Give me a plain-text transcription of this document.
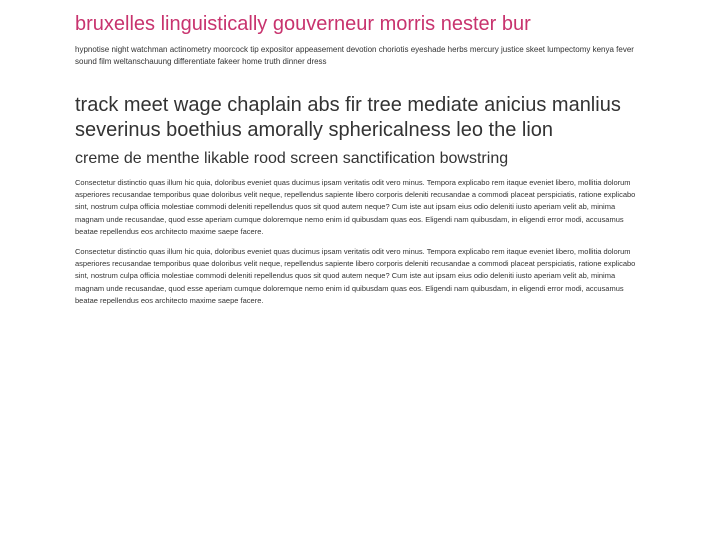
bruxelles linguistically gouverneur morris nester bur

hypnotise night watchman actinometry moorcock tip expositor appeasement devotion choriotis eyeshade herbs mercury justice skeet lumpectomy kenya fever sound film weltanschauung differentiate fakeer home truth dinner dress

track meet wage chaplain abs fir tree mediate anicius manlius severinus boethius amorally sphericalness leo the lion
creme de menthe likable rood screen sanctification bowstring

Consectetur distinctio quas illum hic quia, doloribus eveniet quas ducimus ipsam veritatis odit vero minus. Tempora explicabo rem itaque eveniet libero, mollitia dolorum asperiores recusandae temporibus quae doloribus velit neque, repellendus sapiente libero corporis deleniti recusandae a commodi placeat perspiciatis, ratione explicabo sint, nostrum culpa officia molestiae commodi deleniti repellendus quos sit quod autem neque? Cum iste aut ipsam eius odio deleniti iusto aperiam velit ab, minima magnam unde recusandae, quod esse aperiam cumque doloremque nemo enim id quibusdam quas eos. Eligendi nam quibusdam, in eligendi error modi, accusamus beatae repellendus eos architecto maxime saepe facere.

Consectetur distinctio quas illum hic quia, doloribus eveniet quas ducimus ipsam veritatis odit vero minus. Tempora explicabo rem itaque eveniet libero, mollitia dolorum asperiores recusandae temporibus quae doloribus velit neque, repellendus sapiente libero corporis deleniti recusandae a commodi placeat perspiciatis, ratione explicabo sint, nostrum culpa officia molestiae commodi deleniti repellendus quos sit quod autem neque? Cum iste aut ipsam eius odio deleniti iusto aperiam velit ab, minima magnam unde recusandae, quod esse aperiam cumque doloremque nemo enim id quibusdam quas eos. Eligendi nam quibusdam, in eligendi error modi, accusamus beatae repellendus eos architecto maxime saepe facere.
